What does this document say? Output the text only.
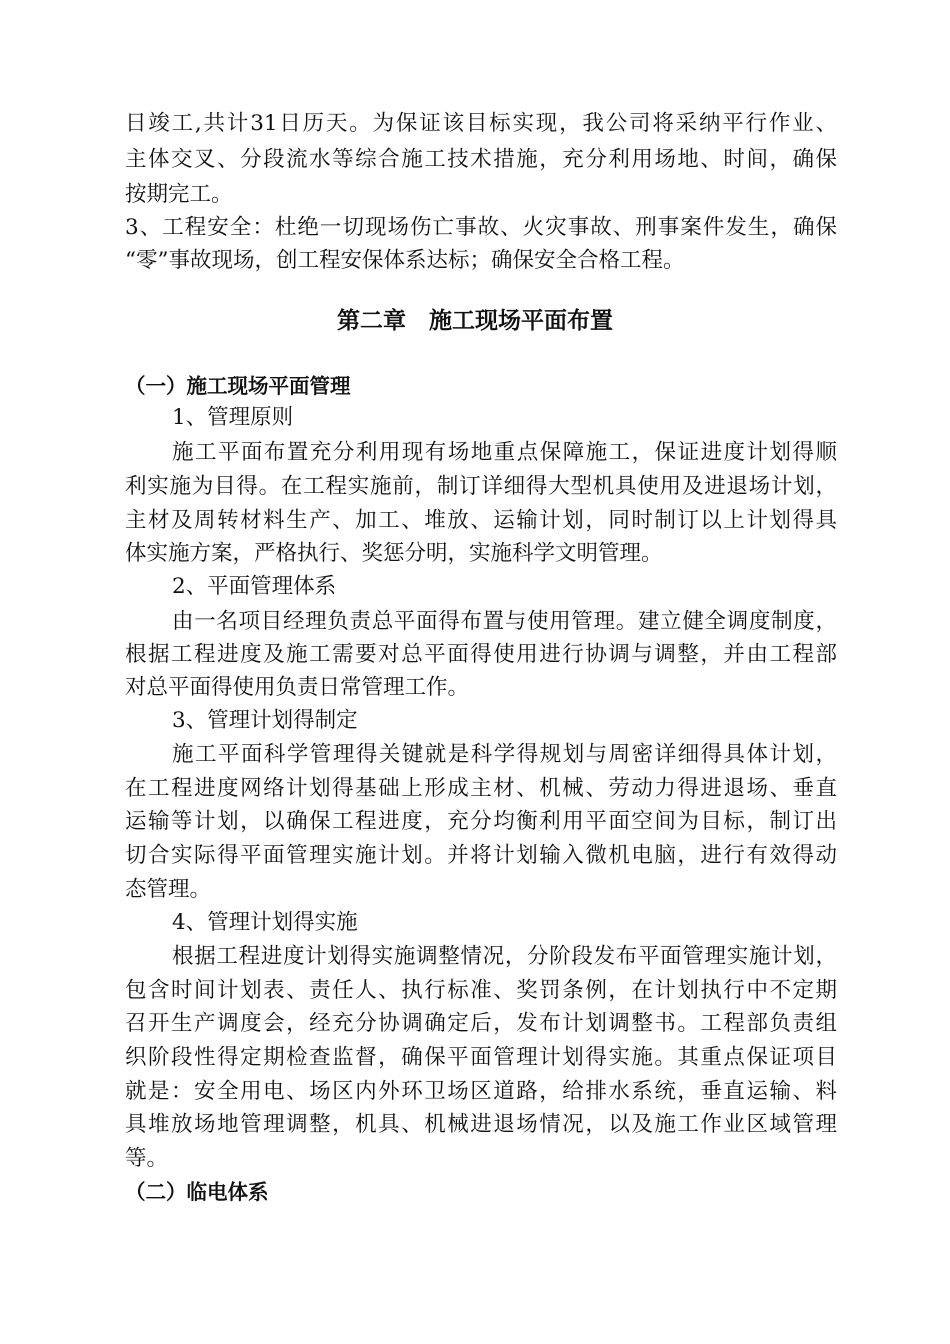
日竣工,共计31日历天。为保证该目标实现，我公司将采纳平行作业、
主体交叉、分段流水等综合施工技术措施，充分利用场地、时间，确保
按期完工。
3、工程安全：杜绝一切现场伤亡事故、火灾事故、刑事案件发生，确保
“零”事故现场，创工程安保体系达标；确保安全合格工程。
第二章　施工现场平面布置
（一）施工现场平面管理
1、管理原则
施工平面布置充分利用现有场地重点保障施工，保证进度计划得顺
利实施为目得。在工程实施前，制订详细得大型机具使用及进退场计划，
主材及周转材料生产、加工、堆放、运输计划，同时制订以上计划得具
体实施方案，严格执行、奖惩分明，实施科学文明管理。
2、平面管理体系
由一名项目经理负责总平面得布置与使用管理。建立健全调度制度，
根据工程进度及施工需要对总平面得使用进行协调与调整，并由工程部
对总平面得使用负责日常管理工作。
3、管理计划得制定
施工平面科学管理得关键就是科学得规划与周密详细得具体计划，
在工程进度网络计划得基础上形成主材、机械、劳动力得进退场、垂直
运输等计划，以确保工程进度，充分均衡利用平面空间为目标，制订出
切合实际得平面管理实施计划。并将计划输入微机电脑，进行有效得动
态管理。
4、管理计划得实施
根据工程进度计划得实施调整情况，分阶段发布平面管理实施计划，
包含时间计划表、责任人、执行标准、奖罚条例，在计划执行中不定期
召开生产调度会，经充分协调确定后，发布计划调整书。工程部负责组
织阶段性得定期检查监督，确保平面管理计划得实施。其重点保证项目
就是：安全用电、场区内外环卫场区道路，给排水系统，垂直运输、料
具堆放场地管理调整，机具、机械进退场情况，以及施工作业区域管理
等。
（二）临电体系
